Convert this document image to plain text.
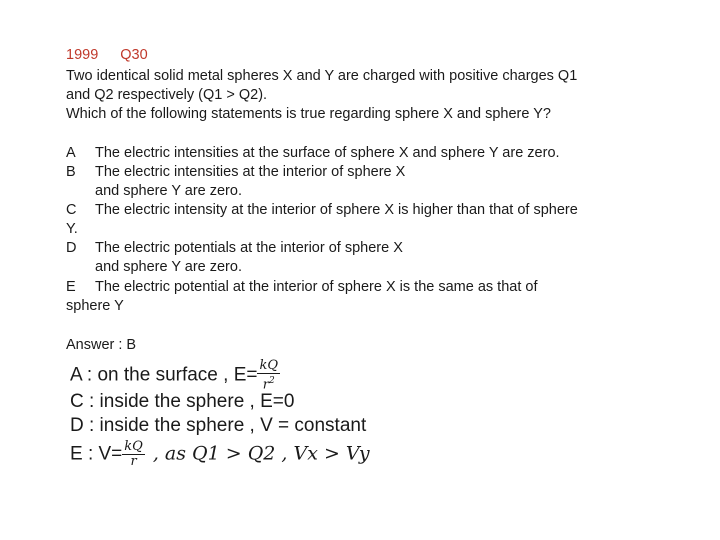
1999 Q30
Two identical solid metal spheres X and Y are charged with positive charges Q1
and Q2 respectively (Q1 > Q2).
Which of the following statements is true regarding sphere X and sphere Y?
A The electric intensities at the surface of sphere X and sphere Y are zero.
B The electric intensities at the interior of sphere X
and sphere Y are zero.
C The electric intensity at the interior of sphere X is higher than that of sphere
Y.
D The electric potentials at the interior of sphere X
and sphere Y are zero.
E The electric potential at the interior of sphere X is the same as that of
sphere Y
Answer : B
A : on the surface , $E= \frac{kQ}{r^2}$
C : inside the sphere , E=0
D : inside the sphere , V = constant
E : $V= \frac{kQ}{r}$ , as Q1 > Q2 , Vx > Vy
